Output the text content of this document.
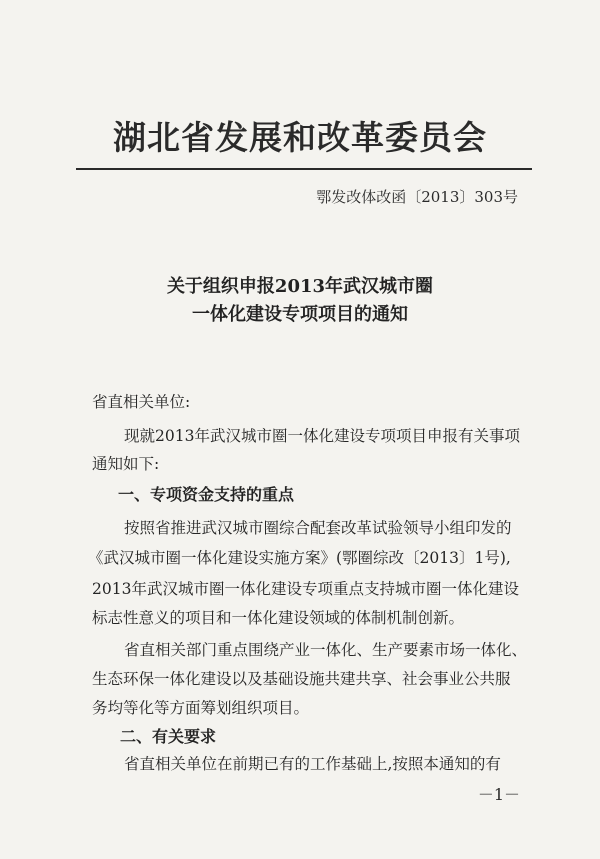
湖北省发展和改革委员会
鄂发改体改函〔2013〕303号
关于组织申报2013年武汉城市圈
一体化建设专项项目的通知
省直相关单位:
现就2013年武汉城市圈一体化建设专项项目申报有关事项
通知如下:
一、专项资金支持的重点
按照省推进武汉城市圈综合配套改革试验领导小组印发的
《武汉城市圈一体化建设实施方案》(鄂圈综改〔2013〕1号),
2013年武汉城市圈一体化建设专项重点支持城市圈一体化建设
标志性意义的项目和一体化建设领域的体制机制创新。
省直相关部门重点围绕产业一体化、生产要素市场一体化、
生态环保一体化建设以及基础设施共建共享、社会事业公共服
务均等化等方面筹划组织项目。
二、有关要求
省直相关单位在前期已有的工作基础上,按照本通知的有
－1－
